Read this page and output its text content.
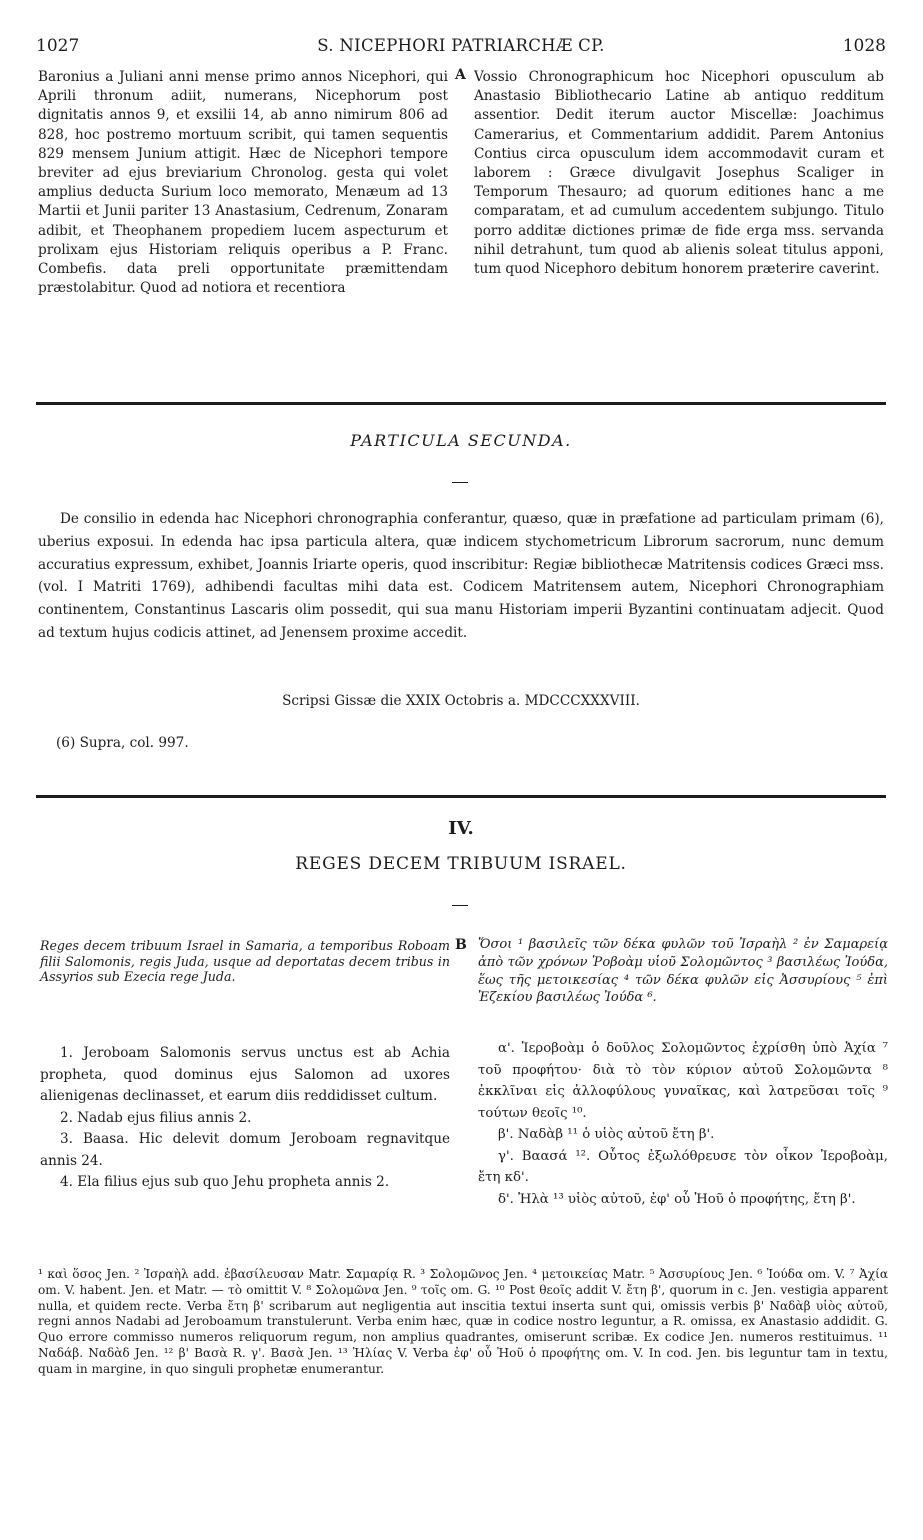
1027	S. NICEPHORI PATRIARCHÆ CP.	1028

Baronius a Juliani anni mense primo annos Nicephori, qui Aprili thronum adiit, numerans, Nicephorum post dignitatis annos 9, et exsilii 14, ab anno nimirum 806 ad 828, hoc postremo mortuum scribit, qui tamen sequentis 829 mensem Junium attigit. Hæc de Nicephori tempore breviter ad ejus breviarium Chronolog. gesta qui volet amplius deducta Surium loco memorato, Menæum ad 13 Martii et Junii pariter 13 Anastasium, Cedrenum, Zonaram adibit, et Theophanem propediem lucem aspecturum et prolixam ejus Historiam reliquis operibus a P. Franc. Combefis. data preli opportunitate præmittendam præstolabitur. Quod ad notiora et recentiora

A Vossio Chronographicum hoc Nicephori opusculum ab Anastasio Bibliothecario Latine ab antiquo redditum assentior. Dedit iterum auctor Miscellæ: Joachimus Camerarius, et Commentarium addidit. Parem Antonius Contius circa opusculum idem accommodavit curam et laborem : Græce divulgavit Josephus Scaliger in Temporum Thesauro; ad quorum editiones hanc a me comparatam, et ad cumulum accedentem subjungo. Titulo porro additæ dictiones primæ de fide erga mss. servanda nihil detrahunt, tum quod ab alienis soleat titulus apponi, tum quod Nicephoro debitum honorem præterire caverint.

PARTICULA SECUNDA.

De consilio in edenda hac Nicephori chronographia conferantur, quæso, quæ in præfatione ad particulam primam (6), uberius exposui. In edenda hac ipsa particula altera, quæ indicem stychometricum Librorum sacrorum, nunc demum accuratius expressum, exhibet, Joannis Iriarte operis, quod inscribitur: Regiæ bibliothecæ Matritensis codices Græci mss. (vol. I Matriti 1769), adhibendi facultas mihi data est. Codicem Matritensem autem, Nicephori Chronographiam continentem, Constantinus Lascaris olim possedit, qui sua manu Historiam imperii Byzantini continuatam adjecit. Quod ad textum hujus codicis attinet, ad Jenensem proxime accedit.

Scripsi Gissæ die XXIX Octobris a. MDCCCXXXVIII.
(6) Supra, col. 997.
IV.
REGES DECEM TRIBUUM ISRAEL.
Reges decem tribuum Israel in Samaria, a temporibus Roboam filii Salomonis, regis Juda, usque ad deportatas decem tribus in Assyrios sub Ezecia rege Juda.
B Ὅσοι ¹ βασιλεῖς τῶν δέκα φυλῶν τοῦ Ἰσραὴλ ² ἐν Σαμαρείᾳ ἀπὸ τῶν χρόνων Ῥοβοὰμ υἱοῦ Σολομῶντος ³ βασιλέως Ἰούδα, ἕως τῆς μετοικεσίας ⁴ τῶν δέκα φυλῶν εἰς Ἀσσυρίους ⁵ ἐπὶ Ἐζεκίου βασιλέως Ἰούδα ⁶.

1. Jeroboam Salomonis servus unctus est ab Achia propheta, quod dominus ejus Salomon ad uxores alienigenas declinasset, et earum diis reddidisset cultum.

2. Nadab ejus filius annis 2.

3. Baasa. Hic delevit domum Jeroboam regnavitque annis 24.

4. Ela filius ejus sub quo Jehu propheta annis 2.

α'. Ἱεροβοὰμ ὁ δοῦλος Σολομῶντος ἐχρίσθη ὑπὸ Ἀχία ⁷ τοῦ προφήτου· διὰ τὸ τὸν κύριον αὐτοῦ Σολομῶντα ⁸ ἐκκλῖναι εἰς ἀλλοφύλους γυναῖκας, καὶ λατρεῦσαι τοῖς ⁹ τούτων θεοῖς ¹⁰.

β'. Ναδὰβ ¹¹ ὁ υἱὸς αὐτοῦ ἔτη β'.

γ'. Βαασά ¹². Οὗτος ἐξωλόθρευσε τὸν οἶκον Ἱεροβοὰμ, ἔτη κδ'.

δ'. Ἠλὰ ¹³ υἱὸς αὐτοῦ, ἐφ' οὗ Ἠοῦ ὁ προφήτης, ἔτη β'.

¹ καὶ ὅσος Jen. ² Ἰσραὴλ add. ἐβασίλευσαν Matr. Σαμαρίᾳ R. ³ Σολομῶνος Jen. ⁴ μετοικείας Matr. ⁵ Ἀσσυρίους Jen. ⁶ Ἰούδα om. V. ⁷ Ἀχία om. V. habent. Jen. et Matr. — τὸ omittit V. ⁸ Σολομῶνα Jen. ⁹ τοῖς om. G. ¹⁰ Post θεοῖς addit V. ἔτη β', quorum in c. Jen. vestigia apparent nulla, et quidem recte. Verba ἔτη β' scribarum aut negligentia aut inscitia textui inserta sunt qui, omissis verbis β' Ναδὰβ υἱὸς αὐτοῦ, regni annos Nadabi ad Jeroboamum transtulerunt. Verba enim hæc, quæ in codice nostro leguntur, a R. omissa, ex Anastasio addidit. G. Quo errore commisso numeros reliquorum regum, non amplius quadrantes, omiserunt scribæ. Ex codice Jen. numeros restituimus. ¹¹ Ναδάβ. Ναδὰδ Jen. ¹² β' Βασὰ R. γ'. Βασὰ Jen. ¹³ Ἠλίας V. Verba ἐφ' οὗ Ἠοῦ ὁ προφήτης om. V. In cod. Jen. bis leguntur tam in textu, quam in margine, in quo singuli prophetæ enumerantur.
